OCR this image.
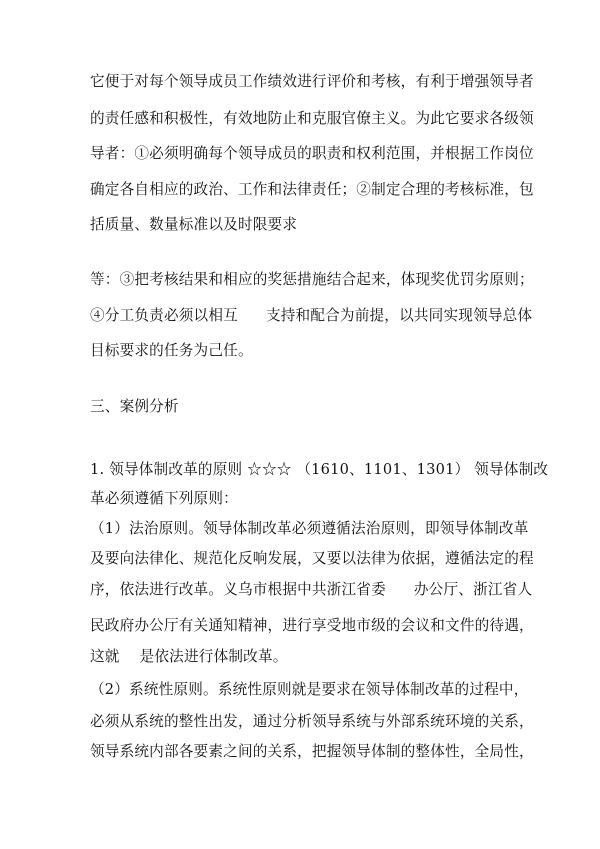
它便于对每个领导成员工作绩效进行评价和考核，有利于增强领导者
的责任感和积极性，有效地防止和克服官僚主义。为此它要求各级领
导者：①必须明确每个领导成员的职责和权利范围，并根据工作岗位
确定各自相应的政治、工作和法律责任；②制定合理的考核标准，包
括质量、数量标准以及时限要求
等：③把考核结果和相应的奖惩措施结合起来，体现奖优罚劣原则；
④分工负责必须以相互 支持和配合为前提，以共同实现领导总体
目标要求的任务为己任。
三、案例分析
1. 领导体制改革的原则 ☆☆☆ （1610、1101、1301） 领导体制改
革必须遵循下列原则：
（1）法治原则。领导体制改革必须遵循法治原则，即领导体制改革
及要向法律化、规范化反响发展，又要以法律为依据，遵循法定的程
序，依法进行改革。义乌市根据中共浙江省委 办公厅、浙江省人
民政府办公厅有关通知精神，进行享受地市级的会议和文件的待遇，
这就 是依法进行体制改革。
（2）系统性原则。系统性原则就是要求在领导体制改革的过程中，
必须从系统的整性出发，通过分析领导系统与外部系统环境的关系，
领导系统内部各要素之间的关系，把握领导体制的整体性，全局性，
